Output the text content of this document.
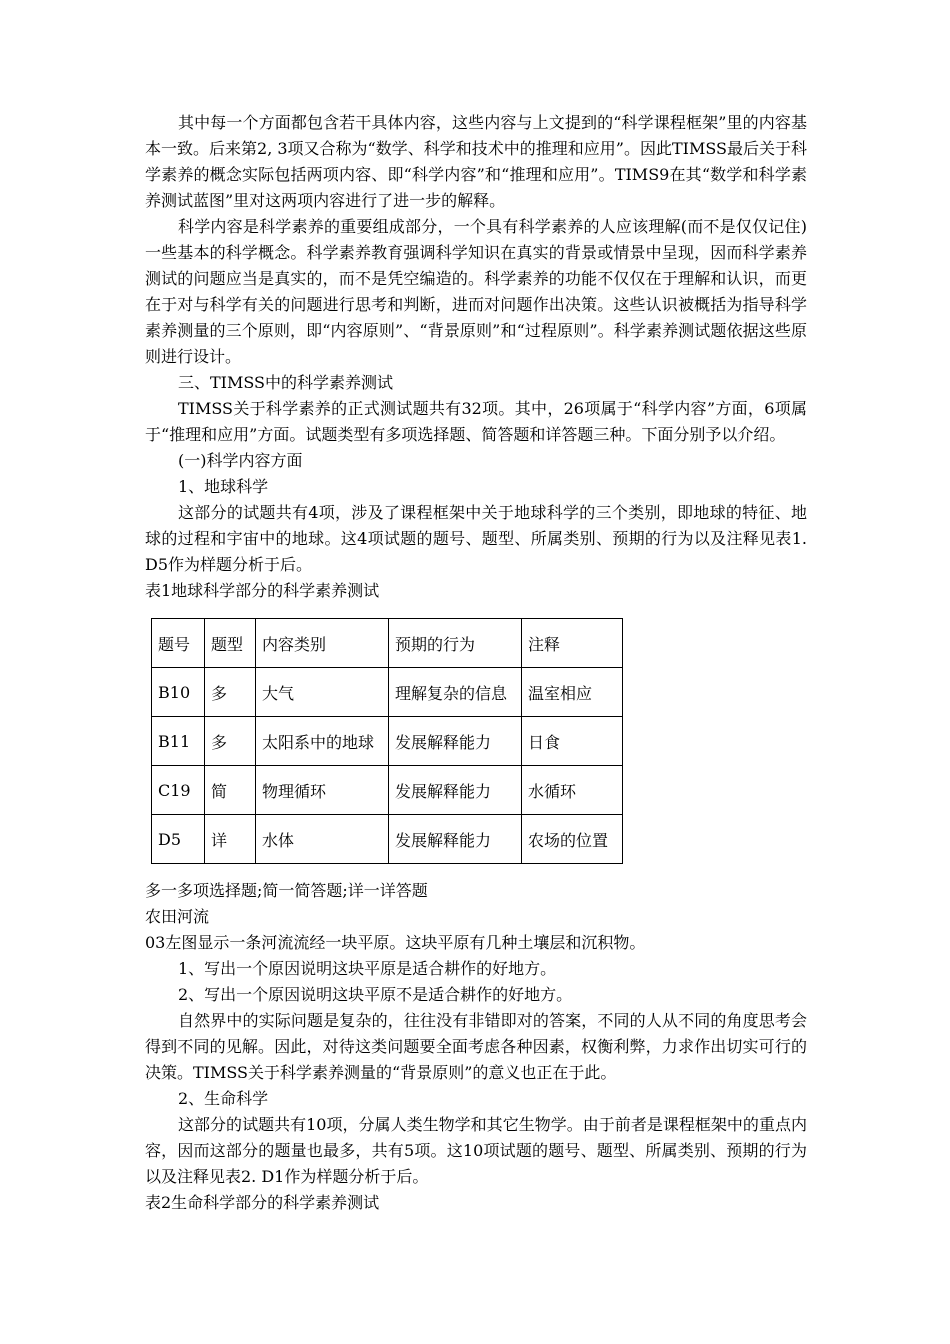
其中每一个方面都包含若干具体内容，这些内容与上文提到的“科学课程框架”里的内容基本一致。后来第2, 3项又合称为“数学、科学和技术中的推理和应用”。因此TIMSS最后关于科学素养的概念实际包括两项内容、即“科学内容”和“推理和应用”。TIMS9在其“数学和科学素养测试蓝图”里对这两项内容进行了进一步的解释。

科学内容是科学素养的重要组成部分，一个具有科学素养的人应该理解(而不是仅仅记住)一些基本的科学概念。科学素养教育强调科学知识在真实的背景或情景中呈现，因而科学素养测试的问题应当是真实的，而不是凭空编造的。科学素养的功能不仅仅在于理解和认识，而更在于对与科学有关的问题进行思考和判断，进而对问题作出决策。这些认识被概括为指导科学素养测量的三个原则，即“内容原则”、“背景原则”和“过程原则”。科学素养测试题依据这些原则进行设计。

三、TIMSS中的科学素养测试

TIMSS关于科学素养的正式测试题共有32项。其中，26项属于“科学内容”方面，6项属于“推理和应用”方面。试题类型有多项选择题、简答题和详答题三种。下面分别予以介绍。

(一)科学内容方面

1、地球科学

这部分的试题共有4项，涉及了课程框架中关于地球科学的三个类别，即地球的特征、地球的过程和宇宙中的地球。这4项试题的题号、题型、所属类别、预期的行为以及注释见表1. D5作为样题分析于后。

表1地球科学部分的科学素养测试

题号	题型	内容类别	预期的行为	注释
B10	多	大气	理解复杂的信息	温室相应
B11	多	太阳系中的地球	发展解释能力	日食
C19	简	物理循环	发展解释能力	水循环
D5	详	水体	发展解释能力	农场的位置

多一多项选择题;简一简答题;详一详答题

农田河流

03左图显示一条河流流经一块平原。这块平原有几种土壤层和沉积物。

1、写出一个原因说明这块平原是适合耕作的好地方。

2、写出一个原因说明这块平原不是适合耕作的好地方。

自然界中的实际问题是复杂的，往往没有非错即对的答案，不同的人从不同的角度思考会得到不同的见解。因此，对待这类问题要全面考虑各种因素，权衡利弊，力求作出切实可行的决策。TIMSS关于科学素养测量的“背景原则”的意义也正在于此。

2、生命科学

这部分的试题共有10项，分属人类生物学和其它生物学。由于前者是课程框架中的重点内容，因而这部分的题量也最多，共有5项。这10项试题的题号、题型、所属类别、预期的行为以及注释见表2. D1作为样题分析于后。

表2生命科学部分的科学素养测试
